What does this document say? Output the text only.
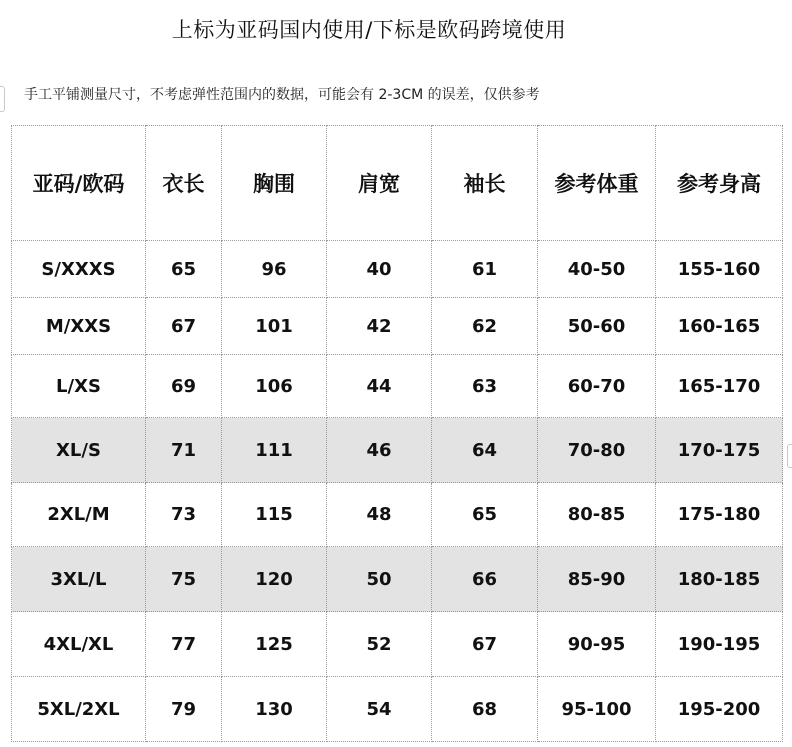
上标为亚码国内使用/下标是欧码跨境使用
手工平铺测量尺寸，不考虑弹性范围内的数据，可能会有 2-3CM 的误差，仅供参考
亚码/欧码	衣长	胸围	肩宽	袖长	参考体重	参考身高
S/XXXS	65	96	40	61	40-50	155-160
M/XXS	67	101	42	62	50-60	160-165
L/XS	69	106	44	63	60-70	165-170
XL/S	71	111	46	64	70-80	170-175
2XL/M	73	115	48	65	80-85	175-180
3XL/L	75	120	50	66	85-90	180-185
4XL/XL	77	125	52	67	90-95	190-195
5XL/2XL	79	130	54	68	95-100	195-200
